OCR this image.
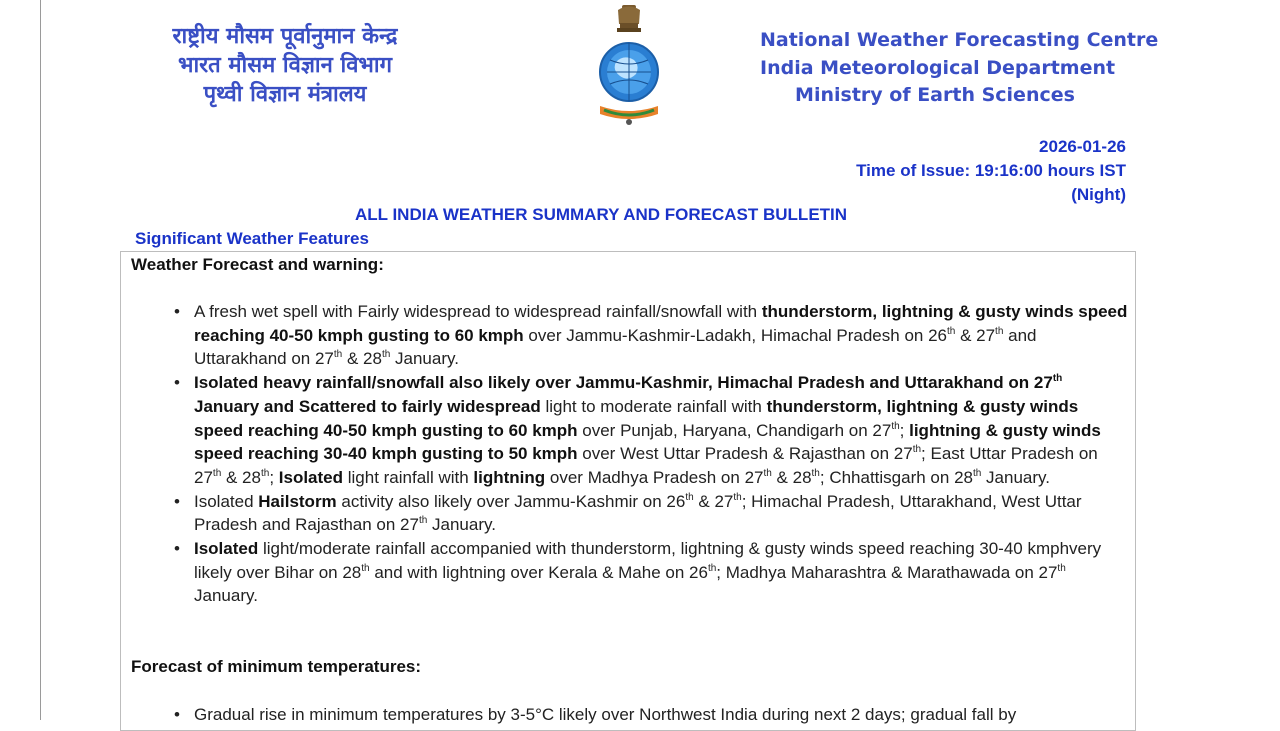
राष्ट्रीय मौसम पूर्वानुमान केन्द्र
भारत मौसम विज्ञान विभाग
पृथ्वी विज्ञान मंत्रालय
National Weather Forecasting Centre
India Meteorological Department
Ministry of Earth Sciences
2026-01-26
Time of Issue: 19:16:00 hours IST
(Night)
ALL INDIA WEATHER SUMMARY AND FORECAST BULLETIN
Significant Weather Features
Weather Forecast and warning:
• A fresh wet spell with Fairly widespread to widespread rainfall/snowfall with thunderstorm, lightning & gusty winds speed reaching 40-50 kmph gusting to 60 kmph over Jammu-Kashmir-Ladakh, Himachal Pradesh on 26th & 27th and Uttarakhand on 27th & 28th January.
• Isolated heavy rainfall/snowfall also likely over Jammu-Kashmir, Himachal Pradesh and Uttarakhand on 27th January and Scattered to fairly widespread light to moderate rainfall with thunderstorm, lightning & gusty winds speed reaching 40-50 kmph gusting to 60 kmph over Punjab, Haryana, Chandigarh on 27th; lightning & gusty winds speed reaching 30-40 kmph gusting to 50 kmph over West Uttar Pradesh & Rajasthan on 27th; East Uttar Pradesh on 27th & 28th; Isolated light rainfall with lightning over Madhya Pradesh on 27th & 28th; Chhattisgarh on 28th January.
• Isolated Hailstorm activity also likely over Jammu-Kashmir on 26th & 27th; Himachal Pradesh, Uttarakhand, West Uttar Pradesh and Rajasthan on 27th January.
• Isolated light/moderate rainfall accompanied with thunderstorm, lightning & gusty winds speed reaching 30-40 kmphvery likely over Bihar on 28th and with lightning over Kerala & Mahe on 26th; Madhya Maharashtra & Marathawada on 27th January.
Forecast of minimum temperatures:
• Gradual rise in minimum temperatures by 3-5°C likely over Northwest India during next 2 days; gradual fall by
